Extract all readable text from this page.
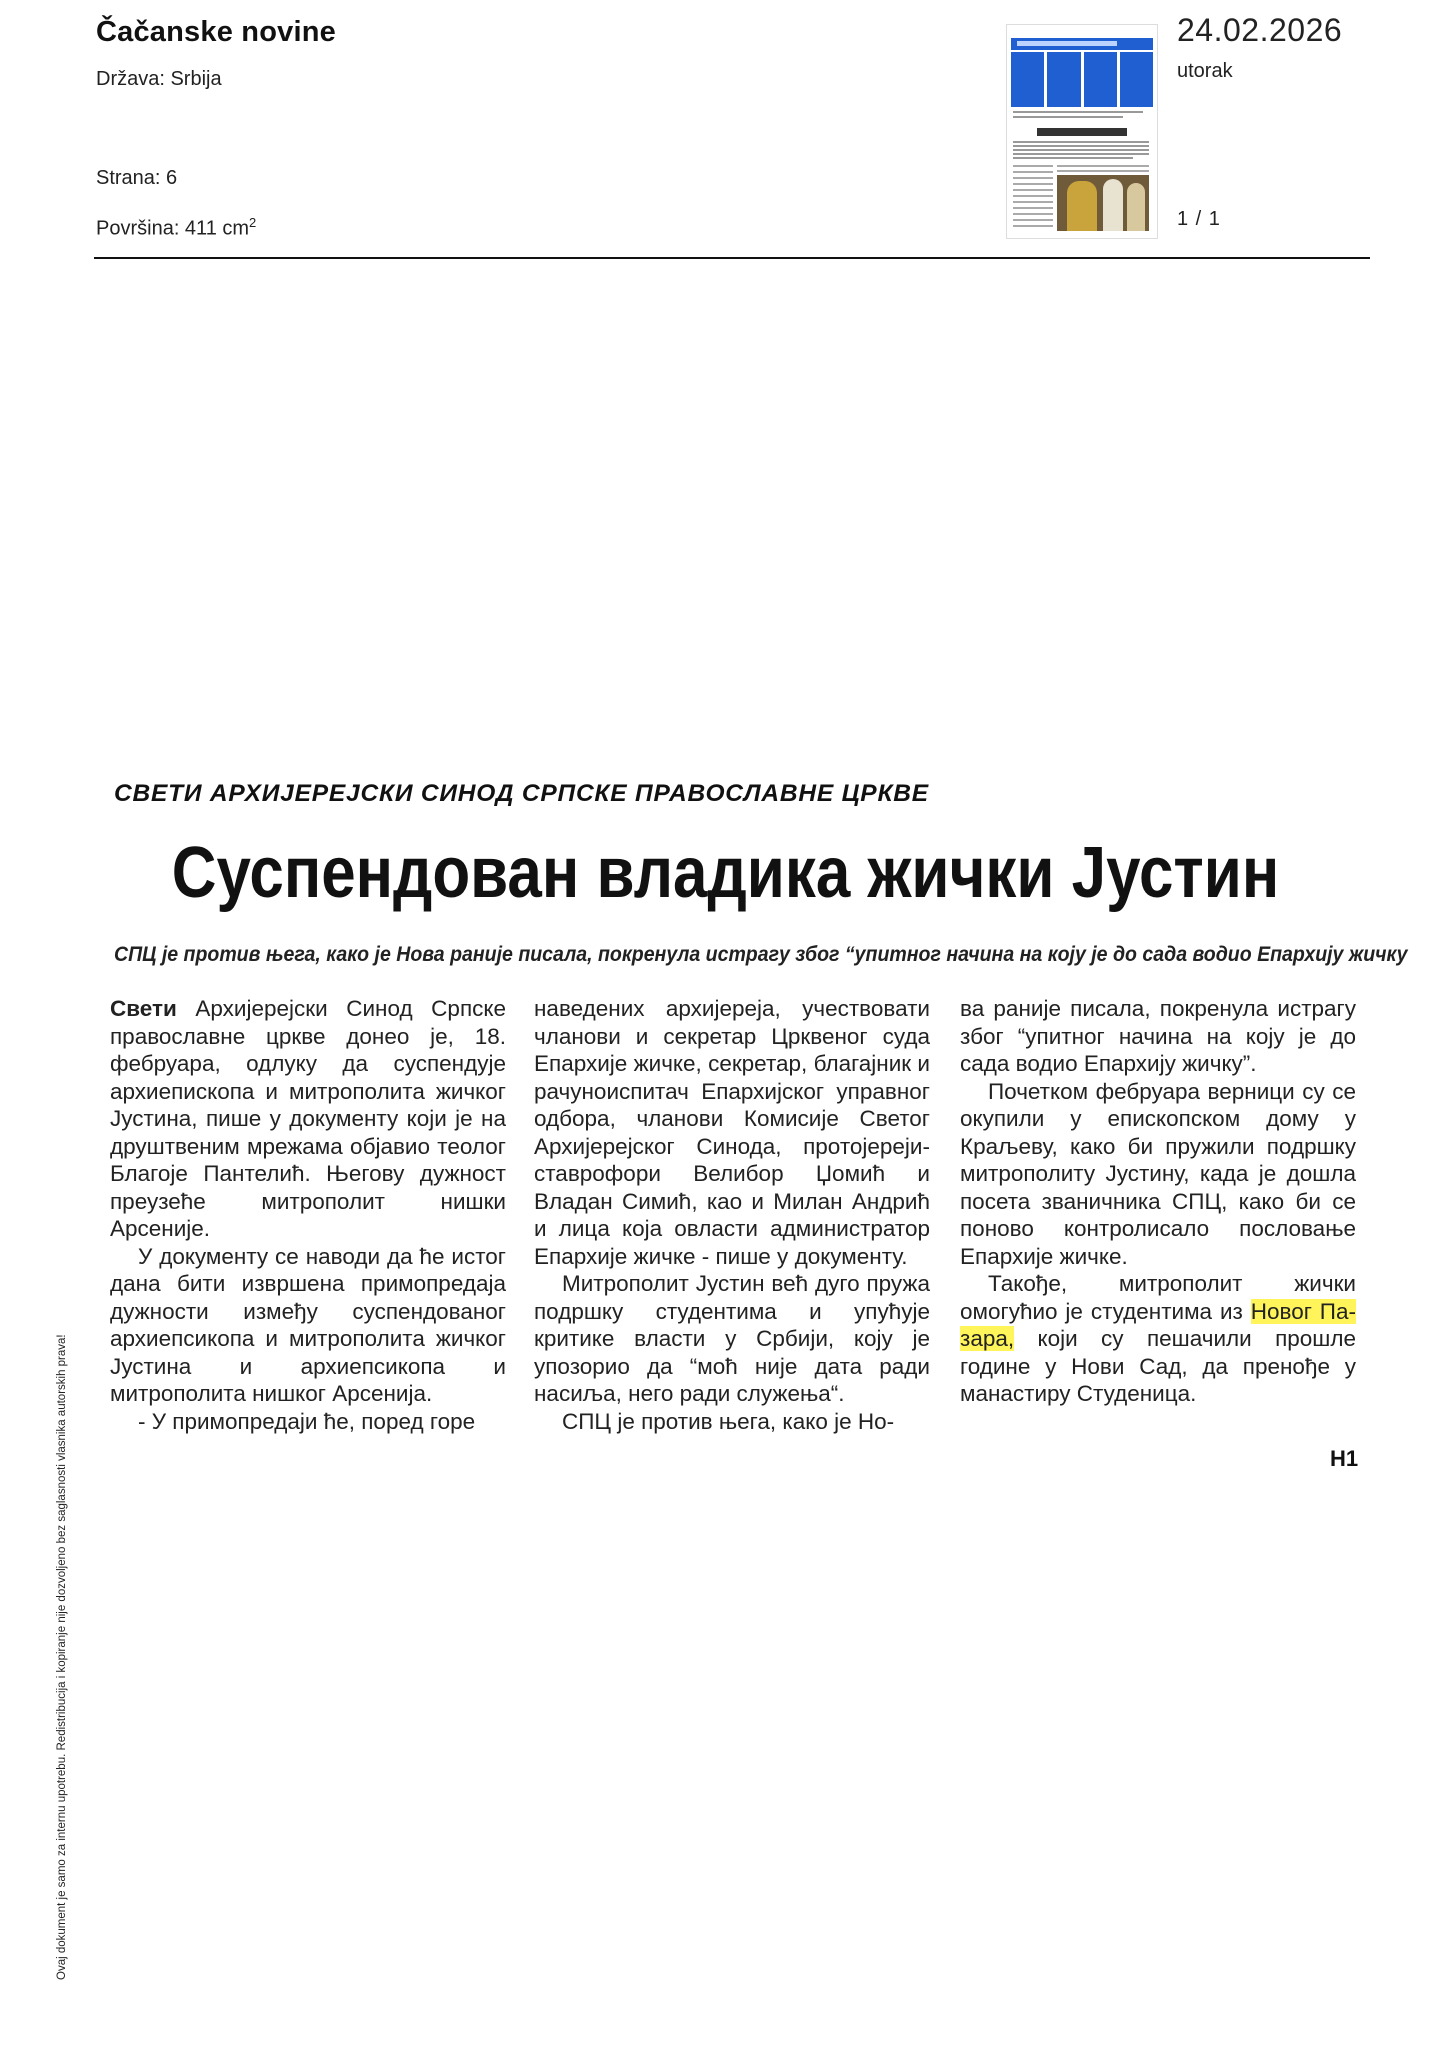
Čačanske novine
Država: Srbija
Strana: 6
Površina: 411 $cm^2$
24.02.2026
utorak
1 / 1
СВЕТИ АРХИЈЕРЕЈСКИ СИНОД СРПСКЕ ПРАВОСЛАВНЕ ЦРКВЕ
Суспендован владика жички Јустин
СПЦ је против њега, како је Нова раније писала, покренула истрагу због “упитног начина на коју је до сада водио Епархију жичку

Свети Архијерејски Синод Српске православне цркве донео је, 18. фебруара, одлуку да суспендује архиепископа и митрополита жичког Јустина, пише у документу који је на друштвеним мрежама објавио теолог Благоје Пантелић. Његову дужност преузеће митрополит нишки Арсеније.

У документу се наводи да ће истог дана бити извршена примопредаја дужности између суспендованог архиепсикопа и митрополита жичког Јустина и архиепсикопа и митрополита нишког Арсенија.

- У примопредаји ће, поред горе

наведених архијереја, учествовати чланови и секретар Црквеног суда Епархије жичке, секретар, благајник и рачуноиспитач Епархијског управног одбора, чланови Комисије Светог Архијерејског Синода, протојереји-ставрофори Велибор Џомић и Владан Симић, као и Милан Андрић и лица која овласти администратор Епархије жичке - пише у документу.

Митрополит Јустин већ дуго пружа подршку студентима и упућује критике власти у Србији, коју је упозорио да “моћ није дата ради насиља, него ради служења“.

СПЦ је против њега, како је Но-

ва раније писала, покренула истрагу због “упитног начина на коју је до сада водио Епархију жичку”.

Почетком фебруара верници су се окупили у епископском дому у Краљеву, како би пружили подршку митрополиту Јустину, када је дошла посета званичника СПЦ, како би се поново контролисало пословање Епархије жичке.

Такође, митрополит жички омогућио је студентима из Новог Па-зара, који су пешачили прошле године у Нови Сад, да пренође у манастиру Студеница.

Н1
Ovaj dokument je samo za internu upotrebu. Redistribucija i kopiranje nije dozvoljeno bez saglasnosti vlasnika autorskih prava!
